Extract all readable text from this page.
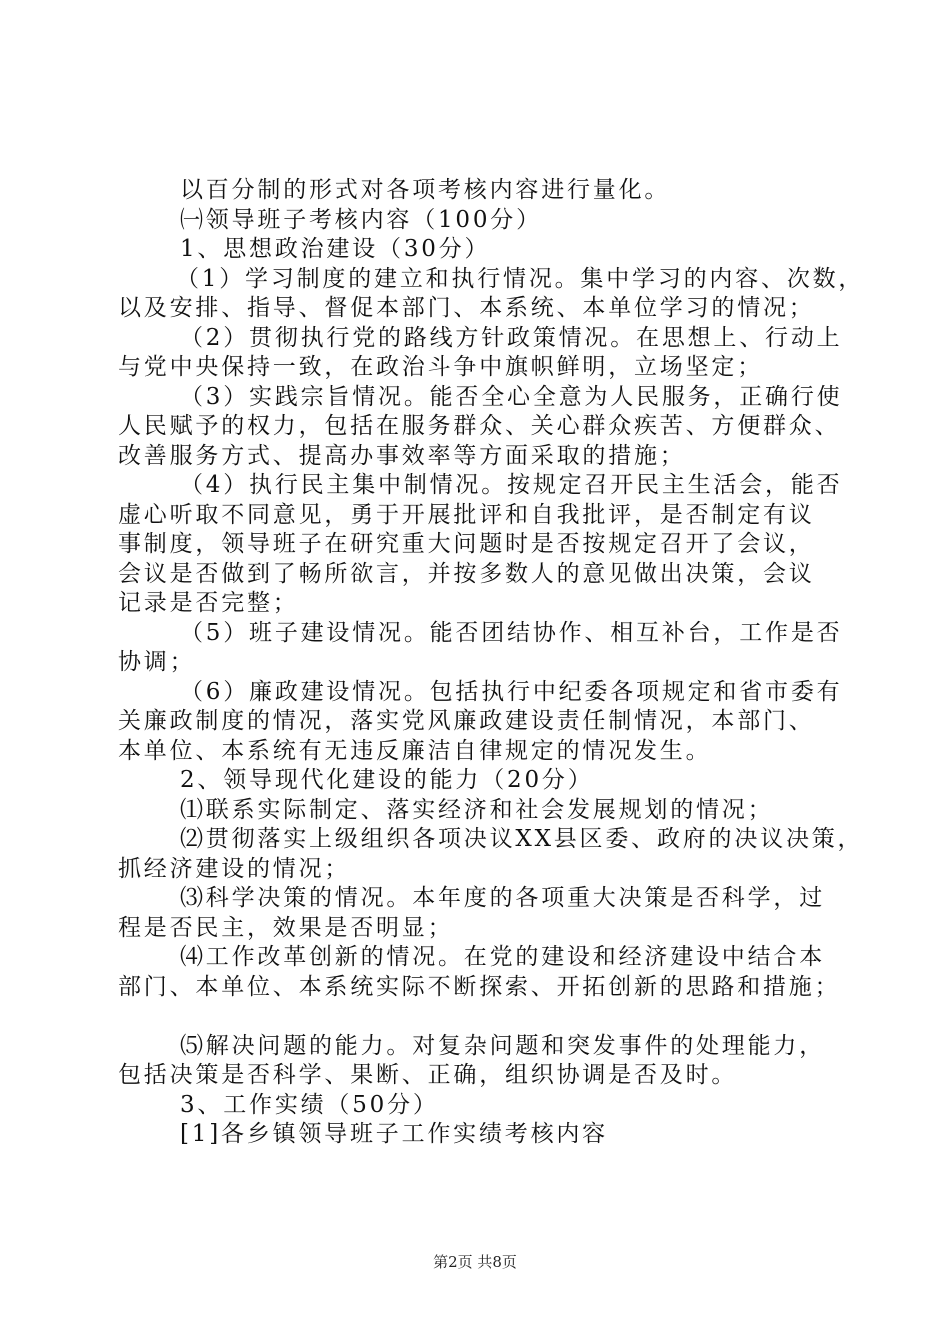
以百分制的形式对各项考核内容进行量化。
㈠领导班子考核内容（100分）
1、思想政治建设（30分）
（1）学习制度的建立和执行情况。集中学习的内容、次数，
以及安排、指导、督促本部门、本系统、本单位学习的情况；
（2）贯彻执行党的路线方针政策情况。在思想上、行动上
与党中央保持一致，在政治斗争中旗帜鲜明，立场坚定；
（3）实践宗旨情况。能否全心全意为人民服务，正确行使
人民赋予的权力，包括在服务群众、关心群众疾苦、方便群众、
改善服务方式、提高办事效率等方面采取的措施；
（4）执行民主集中制情况。按规定召开民主生活会，能否
虚心听取不同意见，勇于开展批评和自我批评，是否制定有议
事制度，领导班子在研究重大问题时是否按规定召开了会议，
会议是否做到了畅所欲言，并按多数人的意见做出决策，会议
记录是否完整；
（5）班子建设情况。能否团结协作、相互补台，工作是否
协调；
（6）廉政建设情况。包括执行中纪委各项规定和省市委有
关廉政制度的情况，落实党风廉政建设责任制情况，本部门、
本单位、本系统有无违反廉洁自律规定的情况发生。
2、领导现代化建设的能力（20分）
⑴联系实际制定、落实经济和社会发展规划的情况；
⑵贯彻落实上级组织各项决议XX县区委、政府的决议决策，
抓经济建设的情况；
⑶科学决策的情况。本年度的各项重大决策是否科学，过
程是否民主，效果是否明显；
⑷工作改革创新的情况。在党的建设和经济建设中结合本
部门、本单位、本系统实际不断探索、开拓创新的思路和措施；
⑸解决问题的能力。对复杂问题和突发事件的处理能力，
包括决策是否科学、果断、正确，组织协调是否及时。
3、工作实绩（50分）
[1]各乡镇领导班子工作实绩考核内容
第2页 共8页
